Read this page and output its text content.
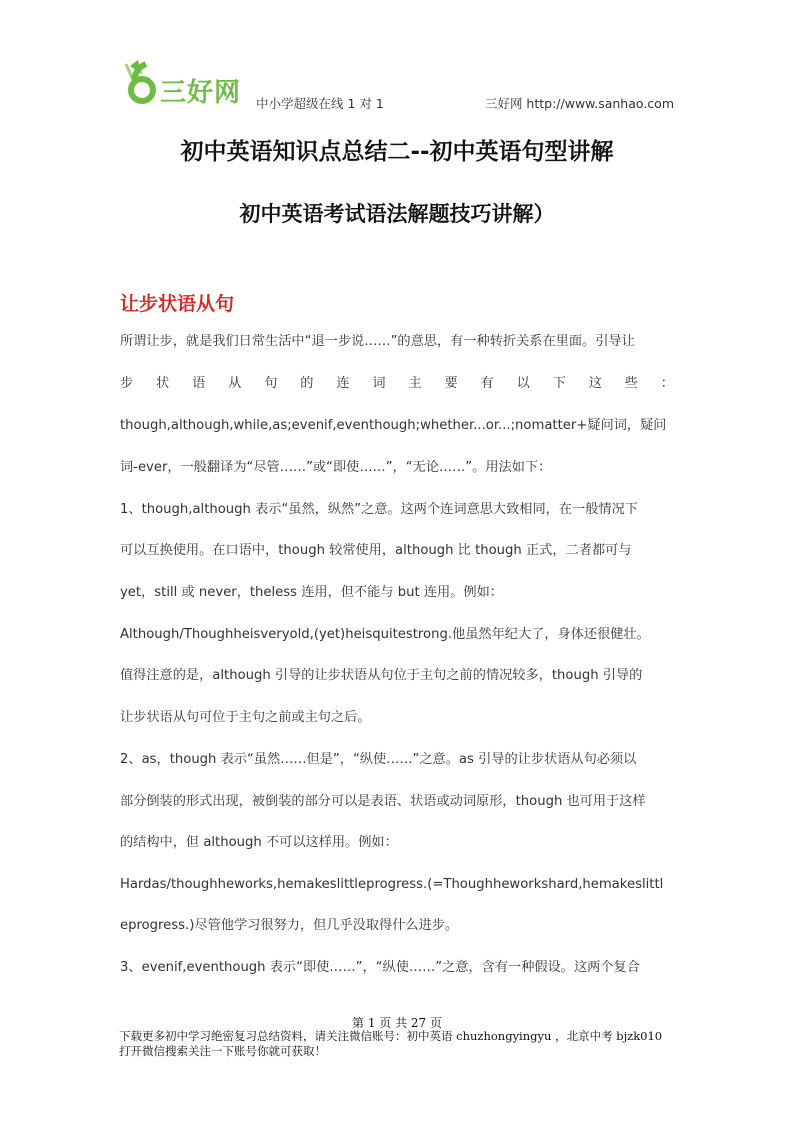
三好网 中小学超级在线 1 对 1	三好网 http://www.sanhao.com
初中英语知识点总结二--初中英语句型讲解
初中英语考试语法解题技巧讲解）
让步状语从句
所谓让步，就是我们日常生活中“退一步说……”的意思，有一种转折关系在里面。引导让
步 状 语 从 句 的 连 词 主 要 有 以 下 这 些 ：
though,although,while,as;evenif,eventhough;whether...or...;nomatter+疑问词，疑问
词-ever，一般翻译为“尽管……”或“即使……”，“无论……”。用法如下：
1、though,although 表示“虽然，纵然”之意。这两个连词意思大致相同，在一般情况下
可以互换使用。在口语中，though 较常使用，although 比 though 正式，二者都可与
yet，still 或 never，theless 连用，但不能与 but 连用。例如：
Although/Thoughheisveryold,(yet)heisquitestrong.他虽然年纪大了，身体还很健壮。
值得注意的是，although 引导的让步状语从句位于主句之前的情况较多，though 引导的
让步状语从句可位于主句之前或主句之后。
2、as，though 表示“虽然……但是”，“纵使……”之意。as 引导的让步状语从句必须以
部分倒装的形式出现，被倒装的部分可以是表语、状语或动词原形，though 也可用于这样
的结构中，但 although 不可以这样用。例如：
Hardas/thoughheworks,hemakeslittleprogress.(=Thoughheworkshard,hemakeslittl
eprogress.)尽管他学习很努力，但几乎没取得什么进步。
3、evenif,eventhough 表示“即使……”，“纵使……”之意，含有一种假设。这两个复合
第 1 页 共 27 页
下载更多初中学习绝密复习总结资料，请关注微信账号：初中英语 chuzhongyingyu ，北京中考 bjzk010
打开微信搜索关注一下账号你就可获取！
